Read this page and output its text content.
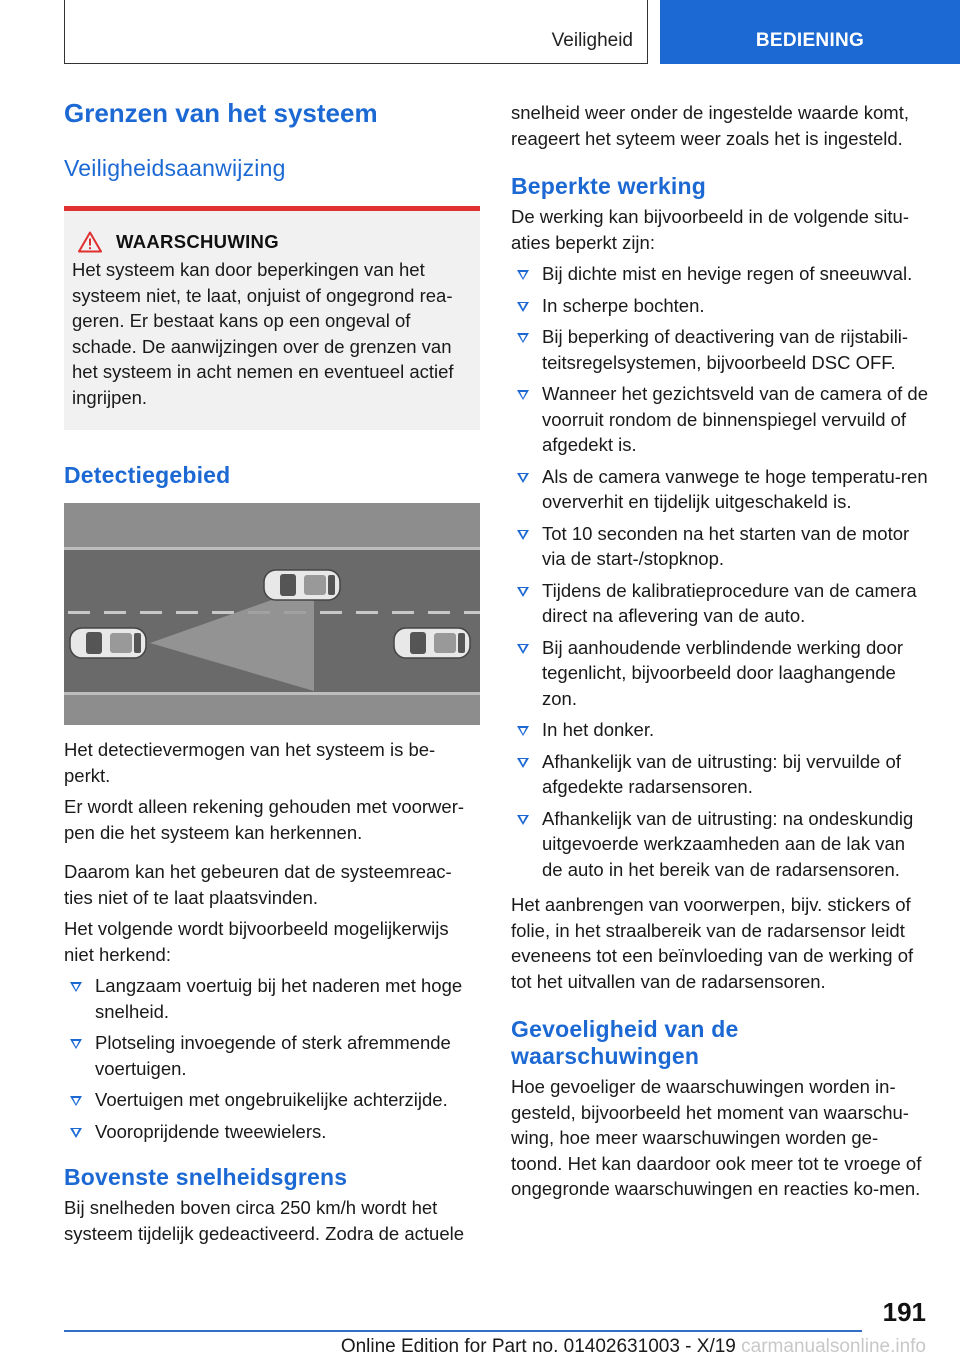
Veiligheid	BEDIENING
Grenzen van het systeem
Veiligheidsaanwijzing
WAARSCHUWING

Het systeem kan door beperkingen van het systeem niet, te laat, onjuist of ongegrond rea-geren. Er bestaat kans op een ongeval of schade. De aanwijzingen over de grenzen van het systeem in acht nemen en eventueel actief ingrijpen.

Detectiegebied

Het detectievermogen van het systeem is be-perkt.

Er wordt alleen rekening gehouden met voorwer-pen die het systeem kan herkennen.

Daarom kan het gebeuren dat de systeemreac-ties niet of te laat plaatsvinden.

Het volgende wordt bijvoorbeeld mogelijkerwijs niet herkend:

Langzaam voertuig bij het naderen met hoge snelheid.
Plotseling invoegende of sterk afremmende voertuigen.
Voertuigen met ongebruikelijke achterzijde.
Vooroprijdende tweewielers.
Bovenste snelheidsgrens

Bij snelheden boven circa 250 km/h wordt het systeem tijdelijk gedeactiveerd. Zodra de actuele

snelheid weer onder de ingestelde waarde komt, reageert het syteem weer zoals het is ingesteld.

Beperkte werking

De werking kan bijvoorbeeld in de volgende situ-aties beperkt zijn:

Bij dichte mist en hevige regen of sneeuwval.
In scherpe bochten.
Bij beperking of deactivering van de rijstabili-teitsregelsystemen, bijvoorbeeld DSC OFF.
Wanneer het gezichtsveld van de camera of de voorruit rondom de binnenspiegel vervuild of afgedekt is.
Als de camera vanwege te hoge temperatu-ren oververhit en tijdelijk uitgeschakeld is.
Tot 10 seconden na het starten van de motor via de start-/stopknop.
Tijdens de kalibratieprocedure van de camera direct na aflevering van de auto.
Bij aanhoudende verblindende werking door tegenlicht, bijvoorbeeld door laaghangende zon.
In het donker.
Afhankelijk van de uitrusting: bij vervuilde of afgedekte radarsensoren.
Afhankelijk van de uitrusting: na ondeskundig uitgevoerde werkzaamheden aan de lak van de auto in het bereik van de radarsensoren.

Het aanbrengen van voorwerpen, bijv. stickers of folie, in het straalbereik van de radarsensor leidt eveneens tot een beïnvloeding van de werking of tot het uitvallen van de radarsensoren.

Gevoeligheid van de waarschuwingen

Hoe gevoeliger de waarschuwingen worden in-gesteld, bijvoorbeeld het moment van waarschu-wing, hoe meer waarschuwingen worden ge-toond. Het kan daardoor ook meer tot te vroege of ongegronde waarschuwingen en reacties ko-men.

191
Online Edition for Part no. 01402631003 - X/19 carmanualsonline.info
